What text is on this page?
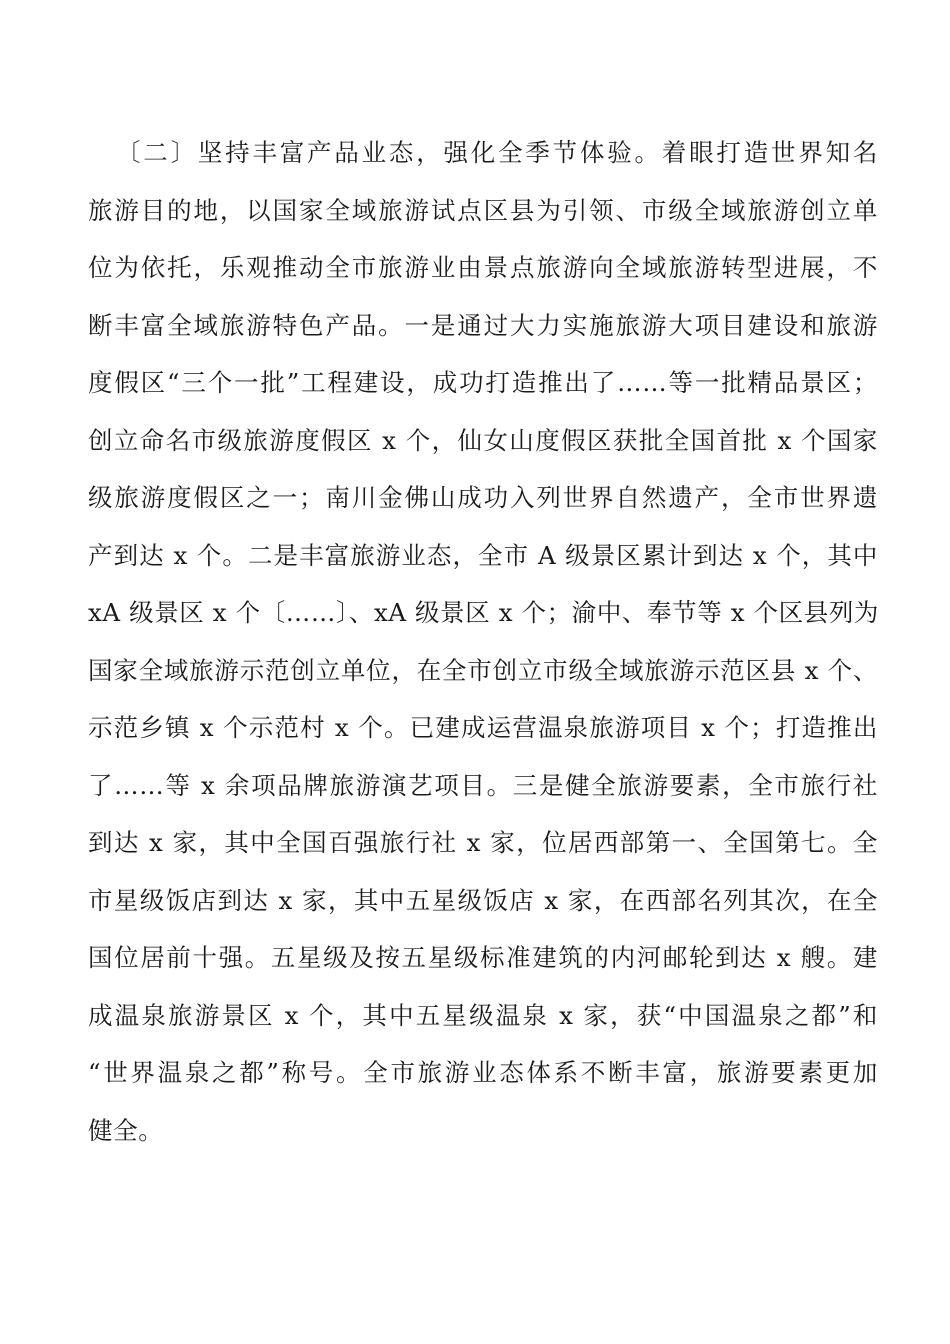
〔二〕坚持丰富产品业态，强化全季节体验。着眼打造世界知名
旅游目的地，以国家全域旅游试点区县为引领、市级全域旅游创立单
位为依托，乐观推动全市旅游业由景点旅游向全域旅游转型进展，不
断丰富全域旅游特色产品。一是通过大力实施旅游大项目建设和旅游
度假区“三个一批”工程建设，成功打造推出了……等一批精品景区；
创立命名市级旅游度假区 x 个，仙女山度假区获批全国首批 x 个国家
级旅游度假区之一；南川金佛山成功入列世界自然遗产，全市世界遗
产到达 x 个。二是丰富旅游业态，全市 A 级景区累计到达 x 个，其中
xA 级景区 x 个〔……〕、xA 级景区 x 个；渝中、奉节等 x 个区县列为
国家全域旅游示范创立单位，在全市创立市级全域旅游示范区县 x 个、
示范乡镇 x 个示范村 x 个。已建成运营温泉旅游项目 x 个；打造推出
了……等 x 余项品牌旅游演艺项目。三是健全旅游要素，全市旅行社
到达 x 家，其中全国百强旅行社 x 家，位居西部第一、全国第七。全
市星级饭店到达 x 家，其中五星级饭店 x 家，在西部名列其次，在全
国位居前十强。五星级及按五星级标准建筑的内河邮轮到达 x 艘。建
成温泉旅游景区 x 个，其中五星级温泉 x 家，获“中国温泉之都”和
“世界温泉之都”称号。全市旅游业态体系不断丰富，旅游要素更加
健全。
